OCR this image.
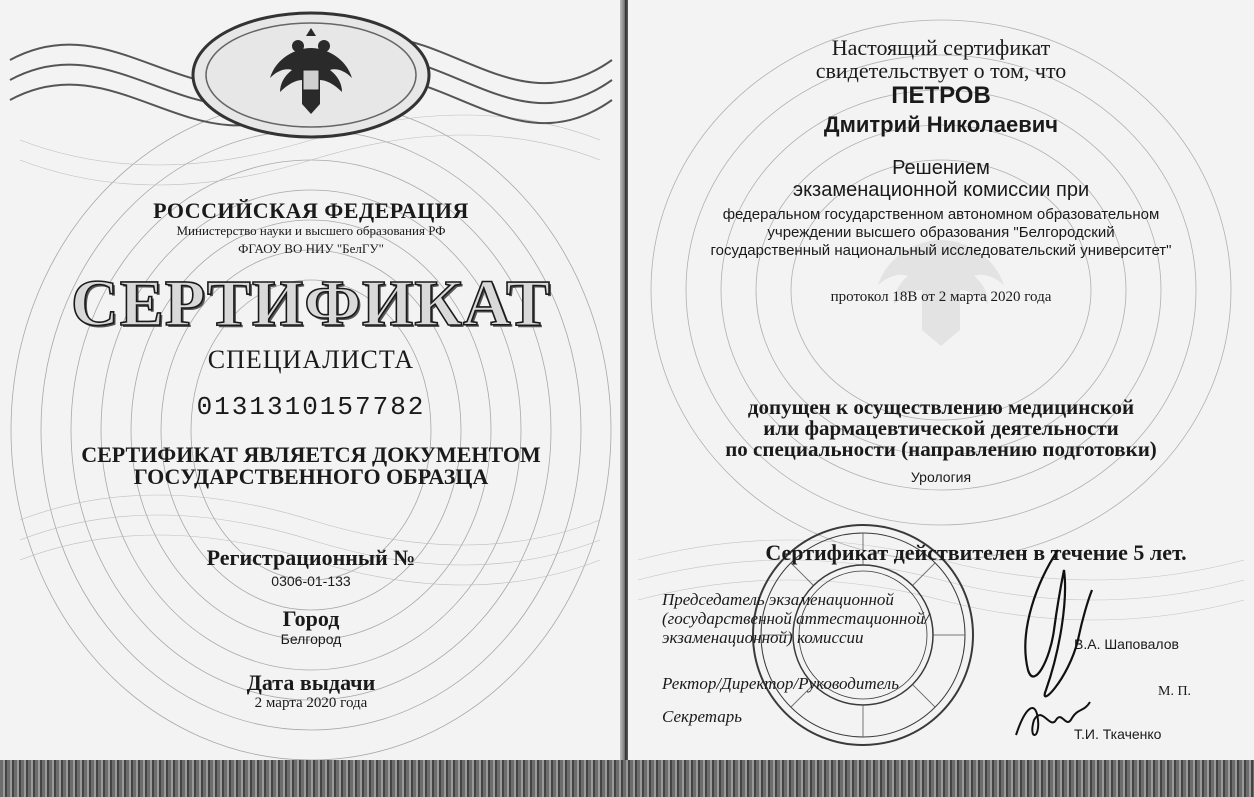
РОССИЙСКАЯ ФЕДЕРАЦИЯ

Министерство науки и высшего образования РФ

ФГАОУ ВО НИУ "БелГУ"

СЕРТИФИКАТ

СПЕЦИАЛИСТА

0131310157782

СЕРТИФИКАТ ЯВЛЯЕТСЯ ДОКУМЕНТОМ

ГОСУДАРСТВЕННОГО ОБРАЗЦА

Регистрационный №

0306-01-133

Город

Белгород

Дата выдачи

2 марта 2020 года

Настоящий сертификат

свидетельствует о том, что

ПЕТРОВ

Дмитрий Николаевич

Решением

экзаменационной комиссии при

федеральном государственном автономном образовательном учреждении высшего образования "Белгородский государственный национальный исследовательский университет"

протокол 18В от 2 марта 2020 года

допущен к осуществлению медицинской

или фармацевтической деятельности

по специальности (направлению подготовки)

Урология

Сертификат действителен в течение 5 лет.

Председатель экзаменационной (государственной аттестационной/ экзаменационной) комиссии	В.А. Шаповалов

Ректор/Директор/Руководитель	М. П.

Секретарь

Т.И. Ткаченко
